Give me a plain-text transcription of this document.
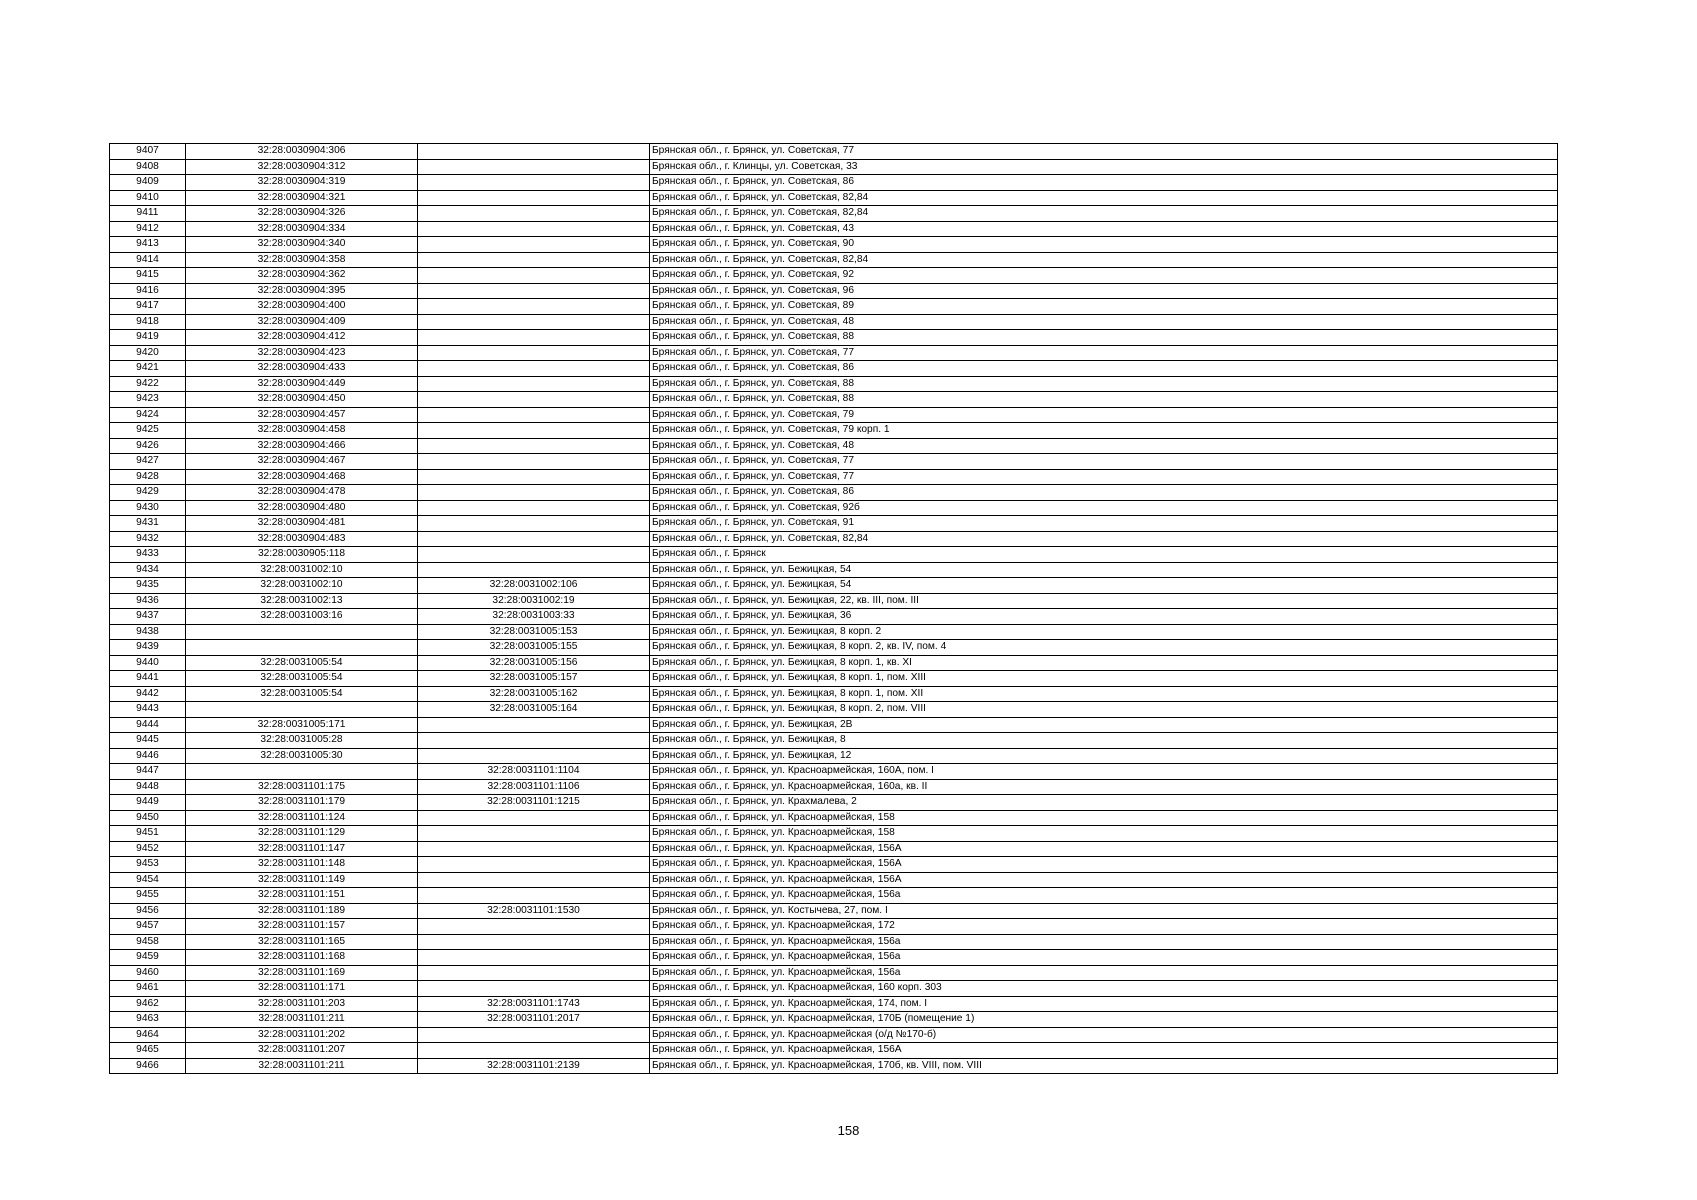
9407	32:28:0030904:306		Брянская обл., г. Брянск, ул. Советская, 77
9408	32:28:0030904:312		Брянская обл., г. Клинцы, ул. Советская, 33
9409	32:28:0030904:319		Брянская обл., г. Брянск, ул. Советская, 86
9410	32:28:0030904:321		Брянская обл., г. Брянск, ул. Советская, 82,84
9411	32:28:0030904:326		Брянская обл., г. Брянск, ул. Советская, 82,84
9412	32:28:0030904:334		Брянская обл., г. Брянск, ул. Советская, 43
9413	32:28:0030904:340		Брянская обл., г. Брянск, ул. Советская, 90
9414	32:28:0030904:358		Брянская обл., г. Брянск, ул. Советская, 82,84
9415	32:28:0030904:362		Брянская обл., г. Брянск, ул. Советская, 92
9416	32:28:0030904:395		Брянская обл., г. Брянск, ул. Советская, 96
9417	32:28:0030904:400		Брянская обл., г. Брянск, ул. Советская, 89
9418	32:28:0030904:409		Брянская обл., г. Брянск, ул. Советская, 48
9419	32:28:0030904:412		Брянская обл., г. Брянск, ул. Советская, 88
9420	32:28:0030904:423		Брянская обл., г. Брянск, ул. Советская, 77
9421	32:28:0030904:433		Брянская обл., г. Брянск, ул. Советская, 86
9422	32:28:0030904:449		Брянская обл., г. Брянск, ул. Советская, 88
9423	32:28:0030904:450		Брянская обл., г. Брянск, ул. Советская, 88
9424	32:28:0030904:457		Брянская обл., г. Брянск, ул. Советская, 79
9425	32:28:0030904:458		Брянская обл., г. Брянск, ул. Советская, 79 корп. 1
9426	32:28:0030904:466		Брянская обл., г. Брянск, ул. Советская, 48
9427	32:28:0030904:467		Брянская обл., г. Брянск, ул. Советская, 77
9428	32:28:0030904:468		Брянская обл., г. Брянск, ул. Советская, 77
9429	32:28:0030904:478		Брянская обл., г. Брянск, ул. Советская, 86
9430	32:28:0030904:480		Брянская обл., г. Брянск, ул. Советская, 92б
9431	32:28:0030904:481		Брянская обл., г. Брянск, ул. Советская, 91
9432	32:28:0030904:483		Брянская обл., г. Брянск, ул. Советская, 82,84
9433	32:28:0030905:118		Брянская обл., г. Брянск
9434	32:28:0031002:10		Брянская обл., г. Брянск, ул. Бежицкая, 54
9435	32:28:0031002:10	32:28:0031002:106	Брянская обл., г. Брянск, ул. Бежицкая, 54
9436	32:28:0031002:13	32:28:0031002:19	Брянская обл., г. Брянск, ул. Бежицкая, 22, кв. III, пом. III
9437	32:28:0031003:16	32:28:0031003:33	Брянская обл., г. Брянск, ул. Бежицкая, 36
9438		32:28:0031005:153	Брянская обл., г. Брянск, ул. Бежицкая, 8 корп. 2
9439		32:28:0031005:155	Брянская обл., г. Брянск, ул. Бежицкая, 8 корп. 2, кв. IV, пом. 4
9440	32:28:0031005:54	32:28:0031005:156	Брянская обл., г. Брянск, ул. Бежицкая, 8 корп. 1, кв. XI
9441	32:28:0031005:54	32:28:0031005:157	Брянская обл., г. Брянск, ул. Бежицкая, 8 корп. 1, пом. XIII
9442	32:28:0031005:54	32:28:0031005:162	Брянская обл., г. Брянск, ул. Бежицкая, 8 корп. 1, пом. XII
9443		32:28:0031005:164	Брянская обл., г. Брянск, ул. Бежицкая, 8 корп. 2, пом. VIII
9444	32:28:0031005:171		Брянская обл., г. Брянск, ул. Бежицкая, 2В
9445	32:28:0031005:28		Брянская обл., г. Брянск, ул. Бежицкая, 8
9446	32:28:0031005:30		Брянская обл., г. Брянск, ул. Бежицкая, 12
9447		32:28:0031101:1104	Брянская обл., г. Брянск, ул. Красноармейская, 160А, пом. I
9448	32:28:0031101:175	32:28:0031101:1106	Брянская обл., г. Брянск, ул. Красноармейская, 160а, кв. II
9449	32:28:0031101:179	32:28:0031101:1215	Брянская обл., г. Брянск, ул. Крахмалева, 2
9450	32:28:0031101:124		Брянская обл., г. Брянск, ул. Красноармейская, 158
9451	32:28:0031101:129		Брянская обл., г. Брянск, ул. Красноармейская, 158
9452	32:28:0031101:147		Брянская обл., г. Брянск, ул. Красноармейская, 156А
9453	32:28:0031101:148		Брянская обл., г. Брянск, ул. Красноармейская, 156А
9454	32:28:0031101:149		Брянская обл., г. Брянск, ул. Красноармейская, 156А
9455	32:28:0031101:151		Брянская обл., г. Брянск, ул. Красноармейская, 156а
9456	32:28:0031101:189	32:28:0031101:1530	Брянская обл., г. Брянск, ул. Костычева, 27, пом. I
9457	32:28:0031101:157		Брянская обл., г. Брянск, ул. Красноармейская, 172
9458	32:28:0031101:165		Брянская обл., г. Брянск, ул. Красноармейская, 156а
9459	32:28:0031101:168		Брянская обл., г. Брянск, ул. Красноармейская, 156а
9460	32:28:0031101:169		Брянская обл., г. Брянск, ул. Красноармейская, 156а
9461	32:28:0031101:171		Брянская обл., г. Брянск, ул. Красноармейская, 160 корп. 303
9462	32:28:0031101:203	32:28:0031101:1743	Брянская обл., г. Брянск, ул. Красноармейская, 174, пом. I
9463	32:28:0031101:211	32:28:0031101:2017	Брянская обл., г. Брянск, ул. Красноармейская, 170Б (помещение 1)
9464	32:28:0031101:202		Брянская обл., г. Брянск, ул. Красноармейская (о/д №170-б)
9465	32:28:0031101:207		Брянская обл., г. Брянск, ул. Красноармейская, 156А
9466	32:28:0031101:211	32:28:0031101:2139	Брянская обл., г. Брянск, ул. Красноармейская, 170б, кв. VIII, пом. VIII
158
